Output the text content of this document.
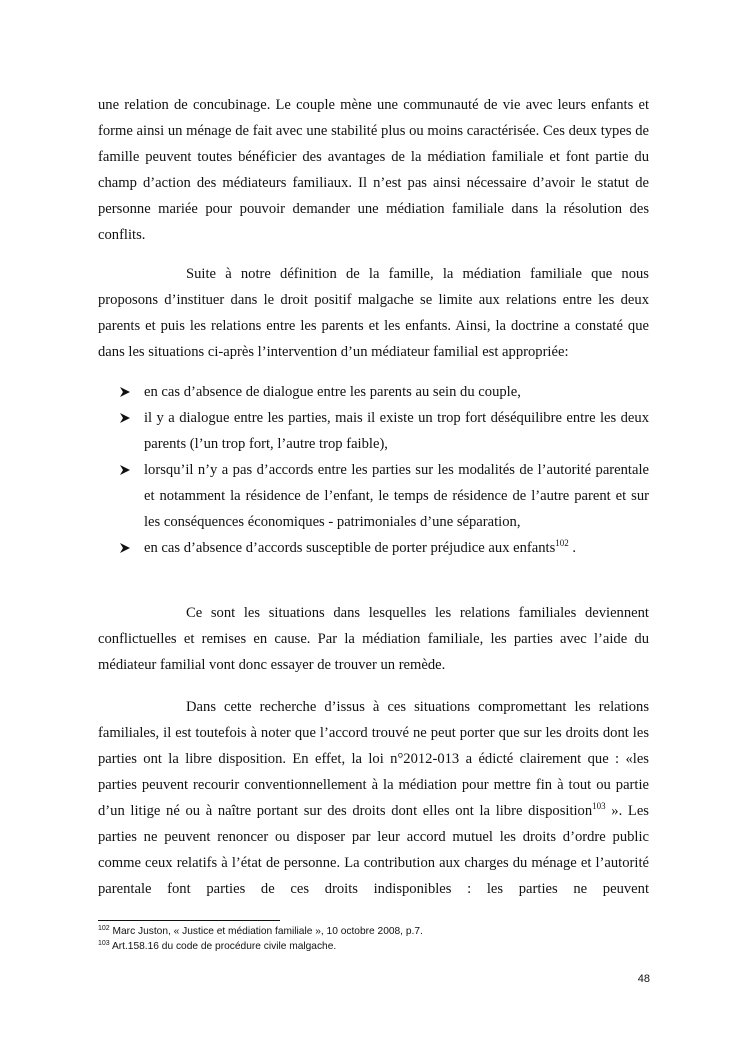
une relation de concubinage. Le couple mène une communauté de vie avec leurs enfants et forme ainsi un ménage de fait avec une stabilité plus ou moins caractérisée. Ces deux types de famille peuvent toutes bénéficier des avantages de la médiation familiale et font partie du champ d’action des médiateurs familiaux. Il n’est pas ainsi nécessaire d’avoir le statut de personne mariée pour pouvoir demander une médiation familiale dans la résolution des conflits.

Suite à notre définition de la famille, la médiation familiale que nous proposons d’instituer dans le droit positif malgache se limite aux relations entre les deux parents et puis les relations entre les parents et les enfants. Ainsi, la doctrine a constaté que dans les situations ci-après l’intervention d’un médiateur familial est appropriée:

en cas d’absence de dialogue entre les parents au sein du couple,
il y a dialogue entre les parties, mais il existe un trop fort déséquilibre entre les deux parents (l’un trop fort, l’autre trop faible),
lorsqu’il n’y a pas d’accords entre les parties sur les modalités de l’autorité parentale et notamment la résidence de l’enfant, le temps de résidence de l’autre parent et sur les conséquences économiques - patrimoniales d’une séparation,
en cas d’absence d’accords susceptible de porter préjudice aux enfants$^{102}$ .

Ce sont les situations dans lesquelles les relations familiales deviennent conflictuelles et remises en cause. Par la médiation familiale, les parties avec l’aide du médiateur familial vont donc essayer de trouver un remède.

Dans cette recherche d’issus à ces situations compromettant les relations familiales, il est toutefois à noter que l’accord trouvé ne peut porter que sur les droits dont les parties ont la libre disposition. En effet, la loi n°2012-013 a édicté clairement que : «les parties peuvent recourir conventionnellement à la médiation pour mettre fin à tout ou partie d’un litige né ou à naître portant sur des droits dont elles ont la libre disposition$^{103}$ ». Les parties ne peuvent renoncer ou disposer par leur accord mutuel les droits d’ordre public comme ceux relatifs à l’état de personne. La contribution aux charges du ménage et l’autorité parentale font parties de ces droits indisponibles : les parties ne peuvent

$^{102}$ Marc Juston, « Justice et médiation familiale », 10 octobre 2008, p.7.
$^{103}$ Art.158.16 du code de procédure civile malgache.
48
